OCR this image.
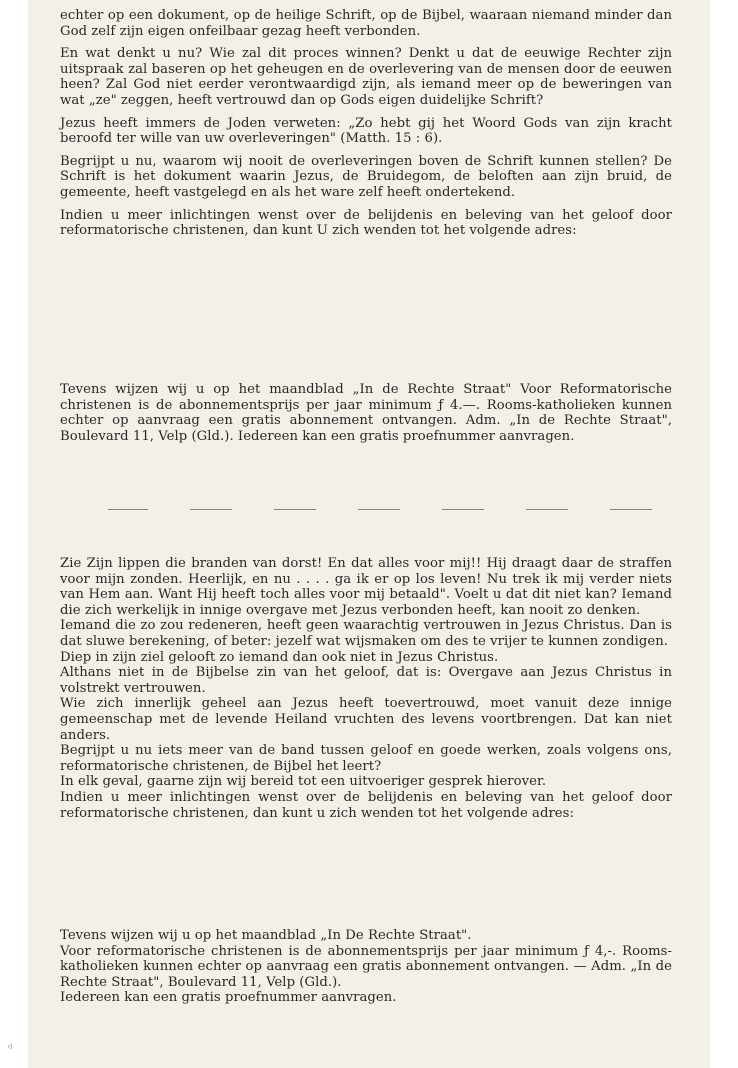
echter op een dokument, op de heilige Schrift, op de Bijbel, waaraan niemand minder dan God zelf zijn eigen onfeilbaar gezag heeft verbonden.

En wat denkt u nu? Wie zal dit proces winnen? Denkt u dat de eeuwige Rechter zijn uitspraak zal baseren op het geheugen en de overlevering van de mensen door de eeuwen heen? Zal God niet eerder verontwaardigd zijn, als iemand meer op de beweringen van wat „ze" zeggen, heeft vertrouwd dan op Gods eigen duidelijke Schrift?

Jezus heeft immers de Joden verweten: „Zo hebt gij het Woord Gods van zijn kracht beroofd ter wille van uw overleveringen" (Matth. 15 : 6).

Begrijpt u nu, waarom wij nooit de overleveringen boven de Schrift kunnen stellen? De Schrift is het dokument waarin Jezus, de Bruidegom, de beloften aan zijn bruid, de gemeente, heeft vastgelegd en als het ware zelf heeft ondertekend.

Indien u meer inlichtingen wenst over de belijdenis en beleving van het geloof door reformatorische christenen, dan kunt U zich wenden tot het volgende adres:

Tevens wijzen wij u op het maandblad „In de Rechte Straat" Voor Reformatorische christenen is de abonnementsprijs per jaar minimum ƒ 4.—. Rooms-katholieken kunnen echter op aanvraag een gratis abonnement ontvangen. Adm. „In de Rechte Straat", Boulevard 11, Velp (Gld.). Iedereen kan een gratis proefnummer aanvragen.

Zie Zijn lippen die branden van dorst! En dat alles voor mij!! Hij draagt daar de straffen voor mijn zonden. Heerlijk, en nu . . . . ga ik er op los leven! Nu trek ik mij verder niets van Hem aan. Want Hij heeft toch alles voor mij betaald". Voelt u dat dit niet kan? Iemand die zich werkelijk in innige overgave met Jezus verbonden heeft, kan nooit zo denken.

Iemand die zo zou redeneren, heeft geen waarachtig vertrouwen in Jezus Christus. Dan is dat sluwe berekening, of beter: jezelf wat wijsmaken om des te vrijer te kunnen zondigen.

Diep in zijn ziel gelooft zo iemand dan ook niet in Jezus Christus.

Althans niet in de Bijbelse zin van het geloof, dat is: Overgave aan Jezus Christus in volstrekt vertrouwen.

Wie zich innerlijk geheel aan Jezus heeft toevertrouwd, moet vanuit deze innige gemeenschap met de levende Heiland vruchten des levens voortbrengen. Dat kan niet anders.

Begrijpt u nu iets meer van de band tussen geloof en goede werken, zoals volgens ons, reformatorische christenen, de Bijbel het leert?

In elk geval, gaarne zijn wij bereid tot een uitvoeriger gesprek hierover.

Indien u meer inlichtingen wenst over de belijdenis en beleving van het geloof door reformatorische christenen, dan kunt u zich wenden tot het volgende adres:

Tevens wijzen wij u op het maandblad „In De Rechte Straat".

Voor reformatorische christenen is de abonnementsprijs per jaar minimum ƒ 4,-. Rooms-katholieken kunnen echter op aanvraag een gratis abonnement ontvangen. — Adm. „In de Rechte Straat", Boulevard 11, Velp (Gld.).

Iedereen kan een gratis proefnummer aanvragen.

ᵈ
